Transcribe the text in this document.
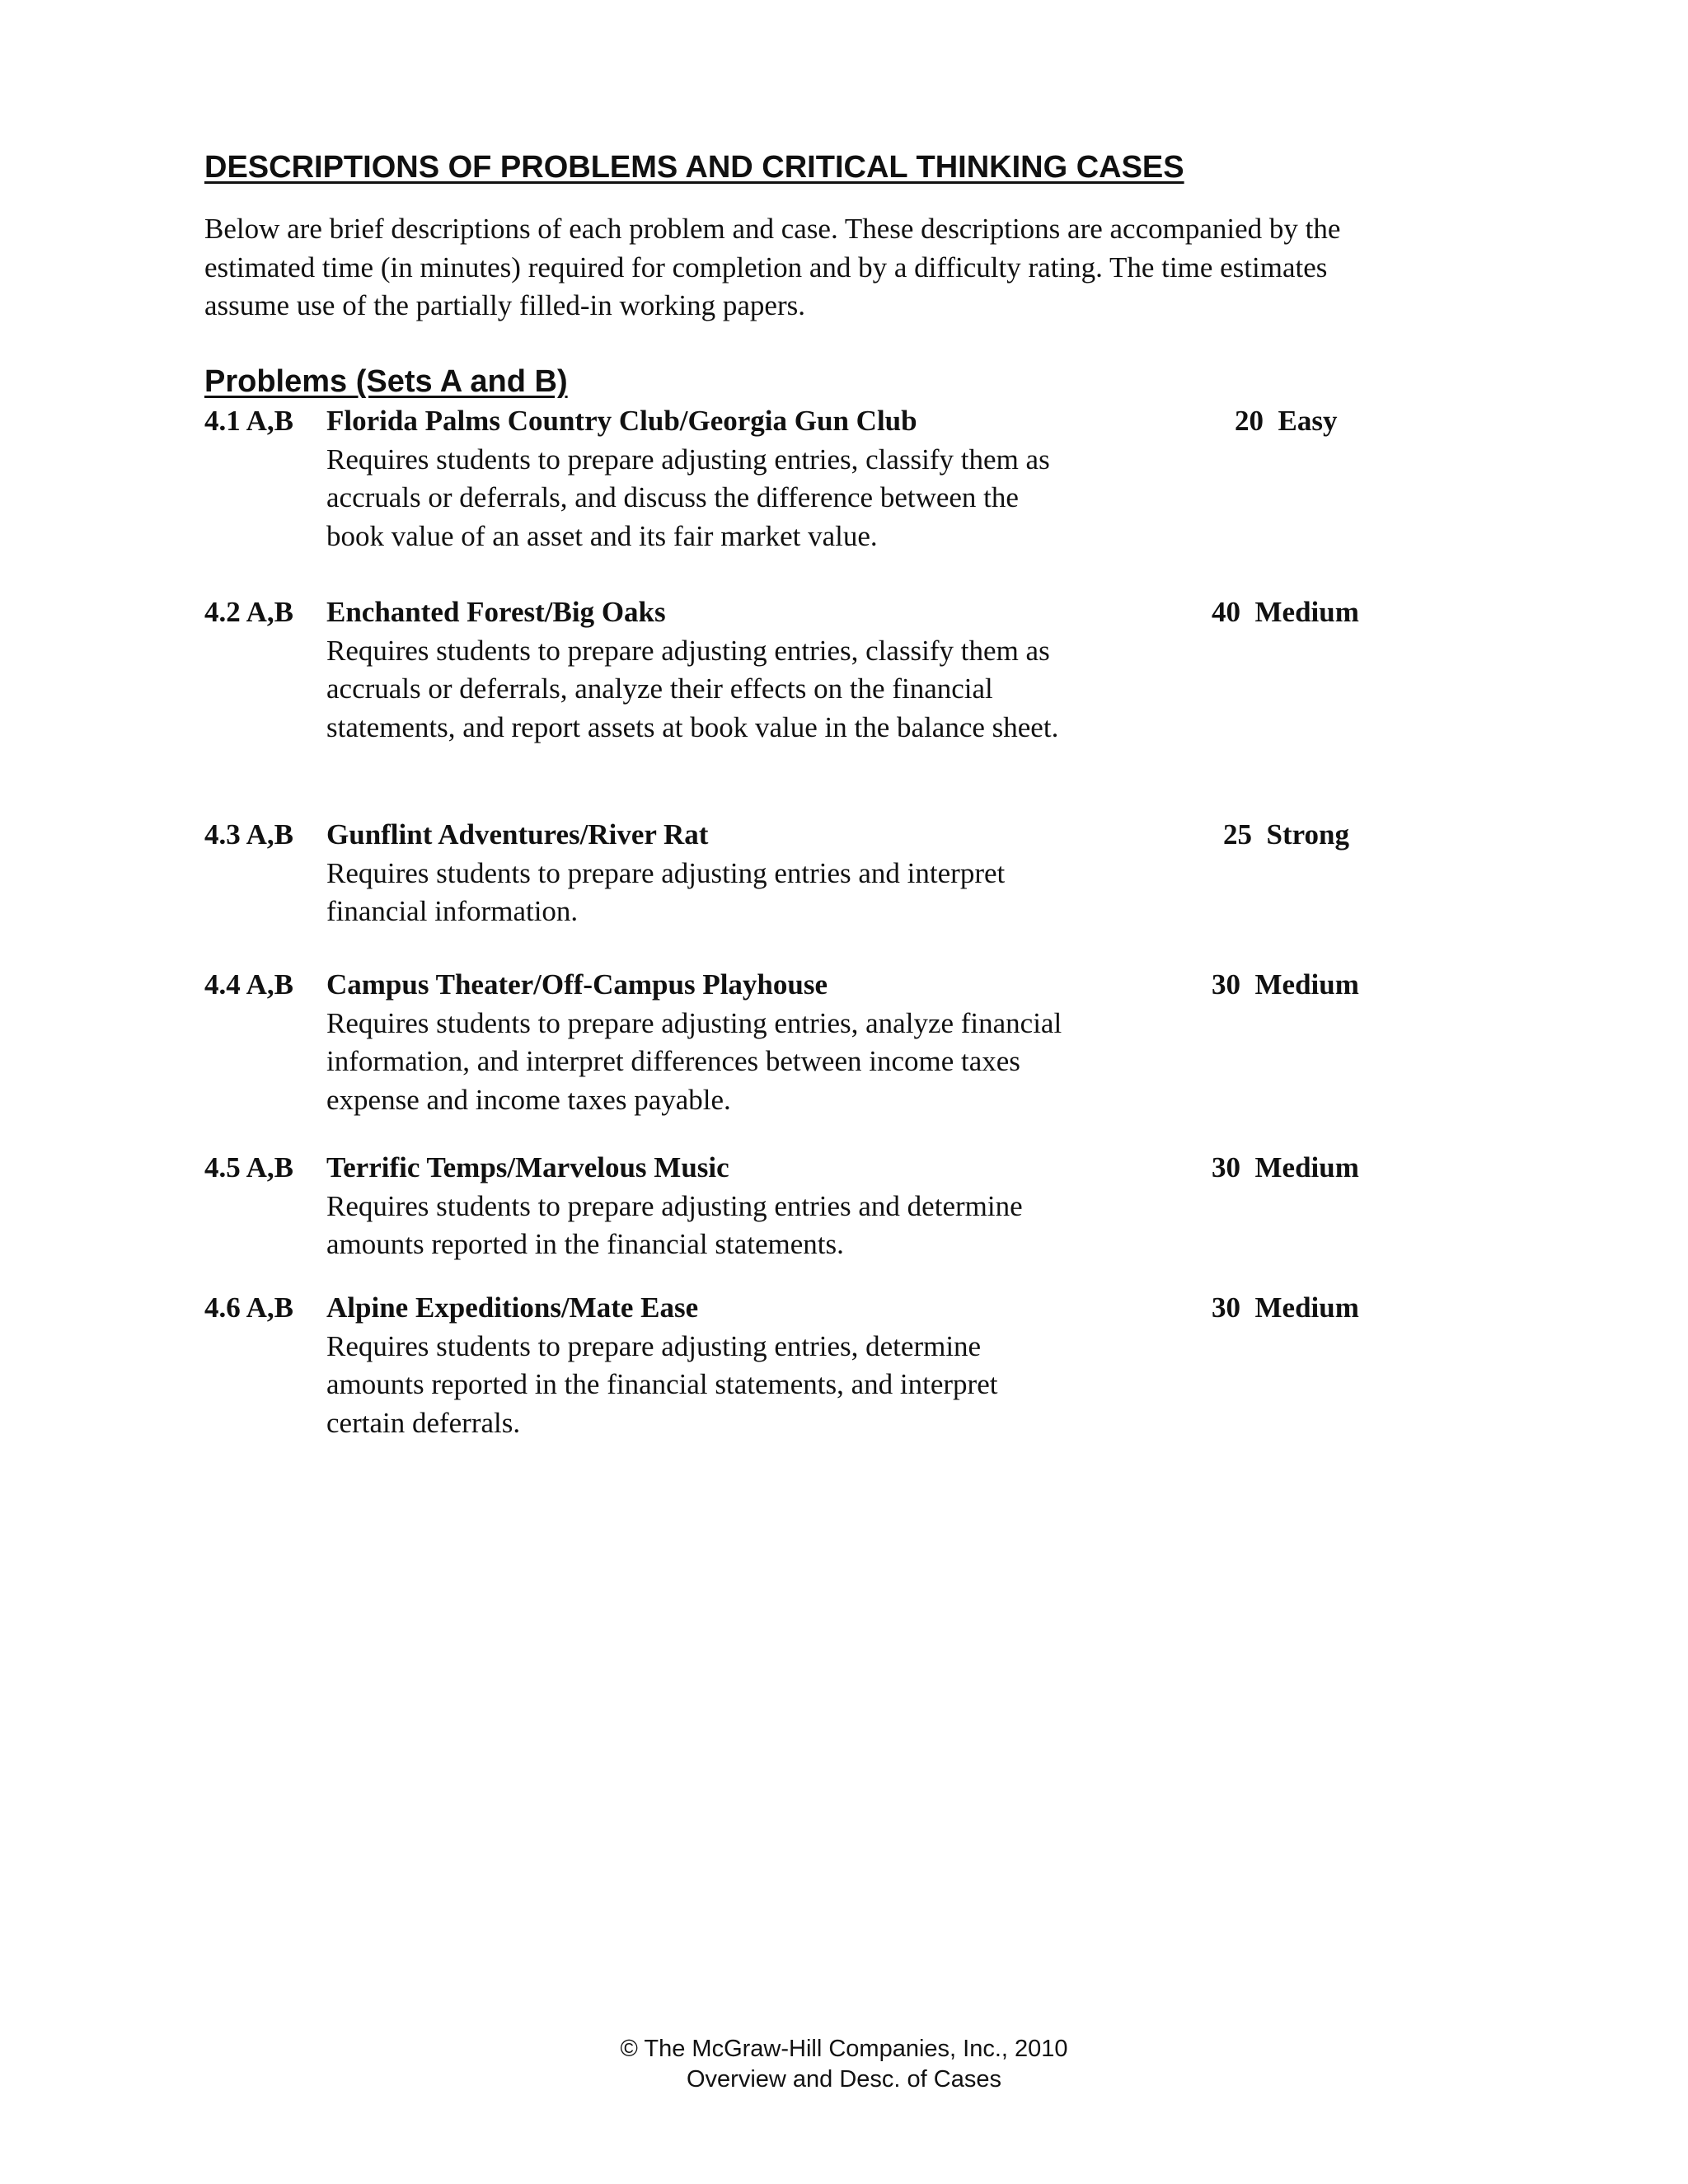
DESCRIPTIONS OF PROBLEMS AND CRITICAL THINKING CASES

Below are brief descriptions of each problem and case. These descriptions are accompanied by the
estimated time (in minutes) required for completion and by a difficulty rating. The time estimates
assume use of the partially filled-in working papers.

Problems (Sets A and B)
4.1 A,B Florida Palms Country Club/Georgia Gun Club	20  Easy

Requires students to prepare adjusting entries, classify them as
accruals or deferrals, and discuss the difference between the
book value of an asset and its fair market value.

4.2 A,B Enchanted Forest/Big Oaks	40  Medium

Requires students to prepare adjusting entries, classify them as
accruals or deferrals, analyze their effects on the financial
statements, and report assets at book value in the balance sheet.

4.3 A,B Gunflint Adventures/River Rat	25  Strong

Requires students to prepare adjusting entries and interpret
financial information.

4.4 A,B Campus Theater/Off-Campus Playhouse	30  Medium

Requires students to prepare adjusting entries, analyze financial
information, and interpret differences between income taxes
expense and income taxes payable.

4.5 A,B Terrific Temps/Marvelous Music	30  Medium

Requires students to prepare adjusting entries and determine
amounts reported in the financial statements.

4.6 A,B Alpine Expeditions/Mate Ease	30  Medium

Requires students to prepare adjusting entries, determine
amounts reported in the financial statements, and interpret
certain deferrals.

© The McGraw-Hill Companies, Inc., 2010
Overview and Desc. of Cases
